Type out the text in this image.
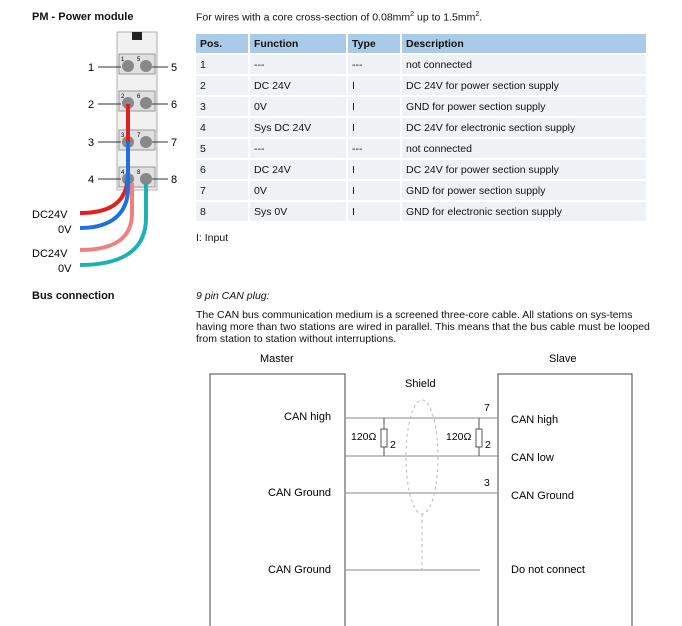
PM - Power module	For wires with a core cross-section of $0.08mm^2$ up to $1.5mm^2$.
1 5
2 6
3 7
4 8
1
2
3
4
5
6
7
8
DC24V
0V
DC24V
0V
Pos.	Function	Type	Description
1	---	---	not connected
2	DC 24V	I	DC 24V for power section supply
3	0V	I	GND for power section supply
4	Sys DC 24V	I	DC 24V for electronic section supply
5	---	---	not connected
6	DC 24V	I	DC 24V for power section supply
7	0V	I	GND for power section supply
8	Sys 0V	I	GND for electronic section supply
I: Input
Bus connection	9 pin CAN plug:
The CAN bus communication medium is a screened three-core cable. All stations on sys-tems having more than two stations are wired in parallel. This means that the bus cable must be looped from station to station without interruptions.
Master	Slave
Shield
120Ω
2
120Ω
2
7
3
CAN high
CAN Ground
CAN Ground
CAN high
CAN low
CAN Ground
Do not connect
